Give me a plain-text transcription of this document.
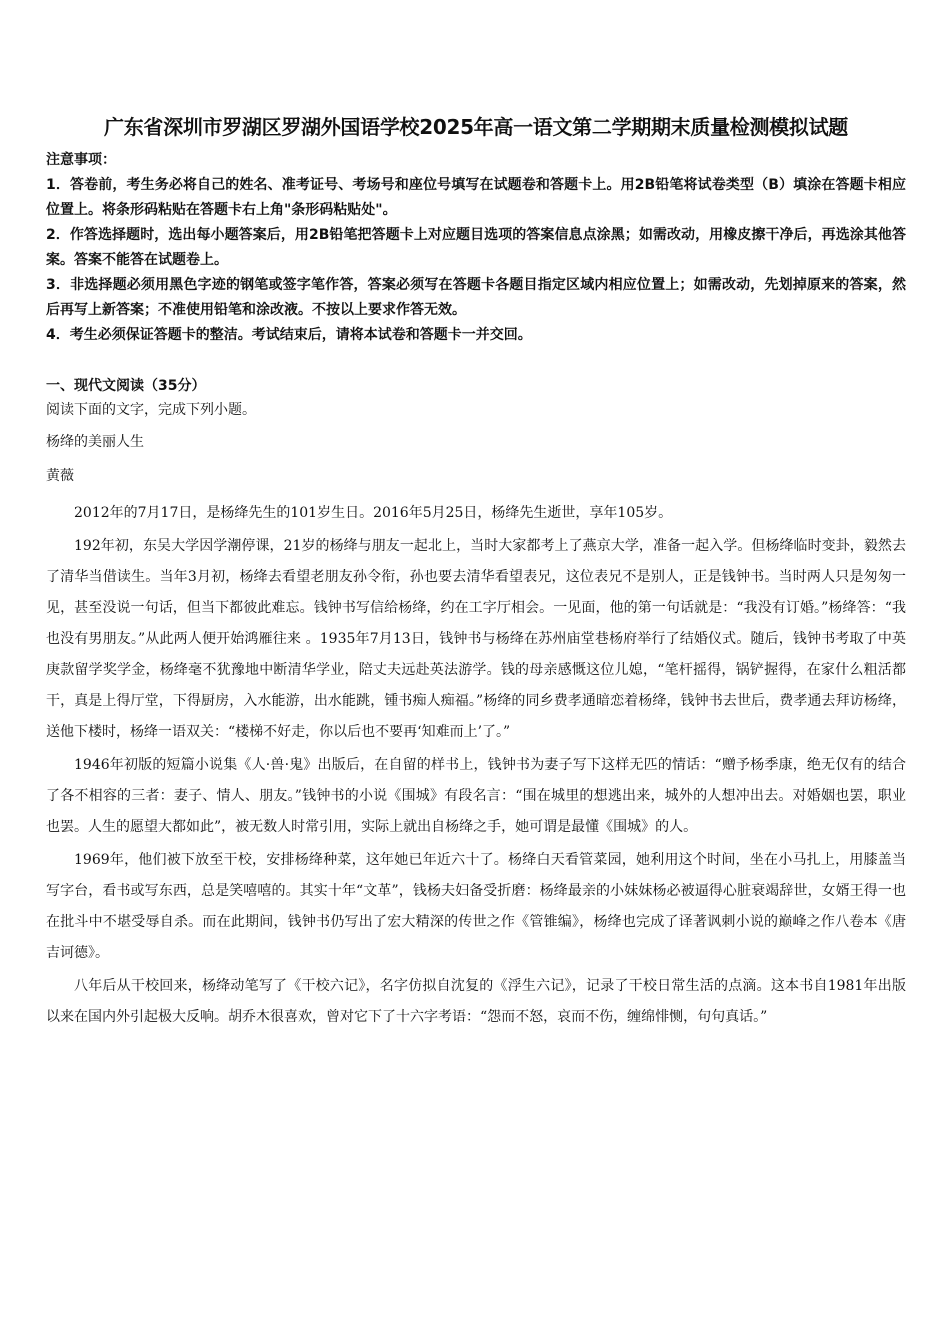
广东省深圳市罗湖区罗湖外国语学校2025年高一语文第二学期期末质量检测模拟试题

注意事项：

1．答卷前，考生务必将自己的姓名、准考证号、考场号和座位号填写在试题卷和答题卡上。用2B铅笔将试卷类型（B）填涂在答题卡相应位置上。将条形码粘贴在答题卡右上角"条形码粘贴处"。

2．作答选择题时，选出每小题答案后，用2B铅笔把答题卡上对应题目选项的答案信息点涂黑；如需改动，用橡皮擦干净后，再选涂其他答案。答案不能答在试题卷上。

3．非选择题必须用黑色字迹的钢笔或签字笔作答，答案必须写在答题卡各题目指定区域内相应位置上；如需改动，先划掉原来的答案，然后再写上新答案；不准使用铅笔和涂改液。不按以上要求作答无效。

4．考生必须保证答题卡的整洁。考试结束后，请将本试卷和答题卡一并交回。

一、现代文阅读（35分）

阅读下面的文字，完成下列小题。

杨绛的美丽人生

黄薇

2012年的7月17日，是杨绛先生的101岁生日。2016年5月25日，杨绛先生逝世，享年105岁。

192年初，东吴大学因学潮停课，21岁的杨绛与朋友一起北上，当时大家都考上了燕京大学，准备一起入学。但杨绛临时变卦，毅然去了清华当借读生。当年3月初，杨绛去看望老朋友孙令衔，孙也要去清华看望表兄，这位表兄不是别人，正是钱钟书。当时两人只是匆匆一见，甚至没说一句话，但当下都彼此难忘。钱钟书写信给杨绛，约在工字厅相会。一见面，他的第一句话就是：“我没有订婚。”杨绛答：“我也没有男朋友。”从此两人便开始鸿雁往来 。1935年7月13日，钱钟书与杨绛在苏州庙堂巷杨府举行了结婚仪式。随后，钱钟书考取了中英庚款留学奖学金，杨绛毫不犹豫地中断清华学业，陪丈夫远赴英法游学。钱的母亲感慨这位儿媳，“笔杆摇得，锅铲握得，在家什么粗活都干，真是上得厅堂，下得厨房，入水能游，出水能跳，锺书痴人痴福。”杨绛的同乡费孝通暗恋着杨绛，钱钟书去世后，费孝通去拜访杨绛，送他下楼时，杨绛一语双关：“楼梯不好走，你以后也不要再‘知难而上’了。”

1946年初版的短篇小说集《人·兽·鬼》出版后，在自留的样书上，钱钟书为妻子写下这样无匹的情话：“赠予杨季康，绝无仅有的结合了各不相容的三者：妻子、情人、朋友。”钱钟书的小说《围城》有段名言：“围在城里的想逃出来，城外的人想冲出去。对婚姻也罢，职业也罢。人生的愿望大都如此”，被无数人时常引用，实际上就出自杨绛之手，她可谓是最懂《围城》的人。

1969年，他们被下放至干校，安排杨绛种菜，这年她已年近六十了。杨绛白天看管菜园，她利用这个时间，坐在小马扎上，用膝盖当写字台，看书或写东西，总是笑嘻嘻的。其实十年“文革”，钱杨夫妇备受折磨：杨绛最亲的小妹妹杨必被逼得心脏衰竭辞世，女婿王得一也在批斗中不堪受辱自杀。而在此期间，钱钟书仍写出了宏大精深的传世之作《管锥编》，杨绛也完成了译著讽刺小说的巅峰之作八卷本《唐吉诃德》。

八年后从干校回来，杨绛动笔写了《干校六记》，名字仿拟自沈复的《浮生六记》，记录了干校日常生活的点滴。这本书自1981年出版以来在国内外引起极大反响。胡乔木很喜欢，曾对它下了十六字考语：“怨而不怒，哀而不伤，缠绵悱恻，句句真话。”
